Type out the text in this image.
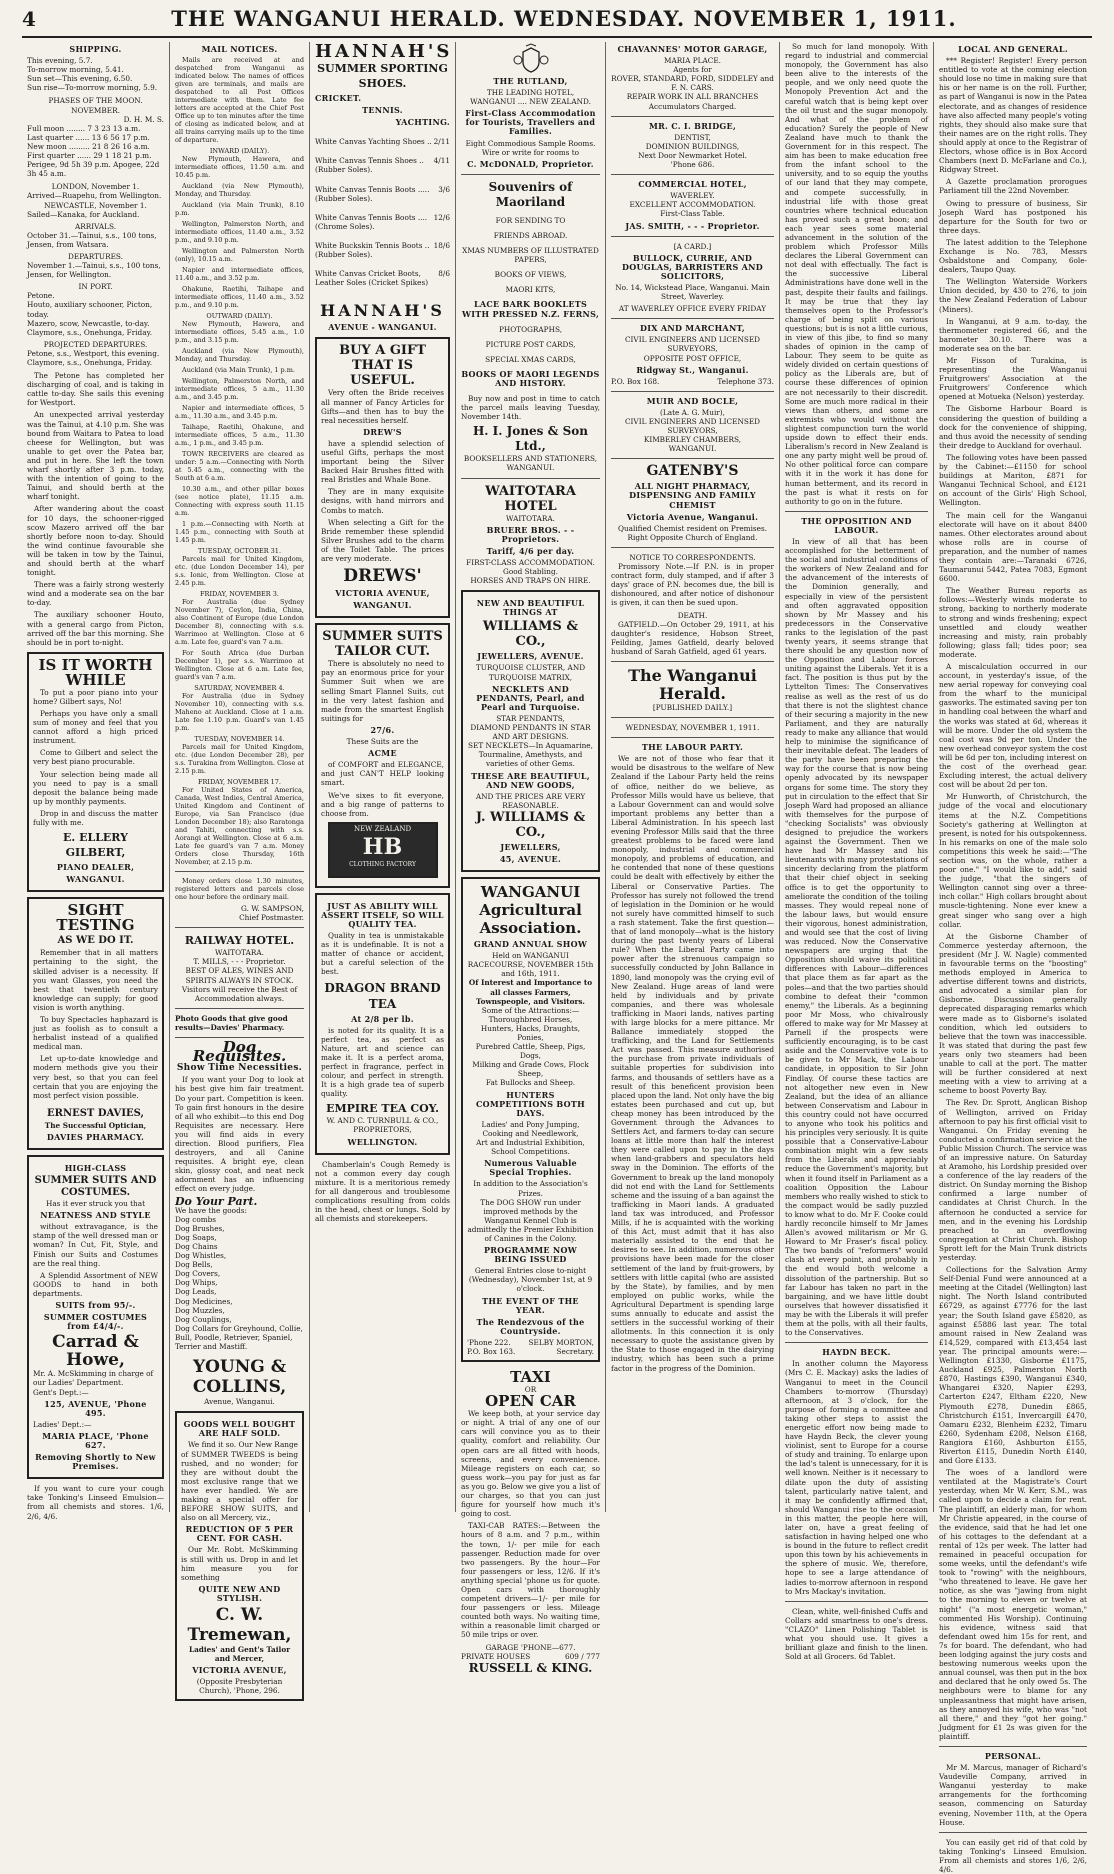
4	THE WANGANUI HERALD. WEDNESDAY. NOVEMBER 1, 1911.
SHIPPING.
This evening, 5.7.
To-morrow morning, 5.41.
Sun set—This evening, 6.50.
Sun rise—To-morrow morning, 5.9.
PHASES OF THE MOON.
NOVEMBER.
D. H. M. S.
Full moon ........ 7 3 23 13 a.m.
Last quarter ...... 13 6 56 17 p.m.
New moon ......... 21 8 26 16 a.m.
First quarter ...... 29 1 18 21 p.m.
Perigee, 9d 5h 39 p.m. Apogee, 22d 3h 45 a.m.
LONDON, November 1.
Arrived—Ruapehu, from Wellington.
NEWCASTLE, November 1.
Sailed—Kanaka, for Auckland.
ARRIVALS.
October 31.—Tainui, s.s., 100 tons, Jensen, from Watsara.
DEPARTURES.
November 1.—Tainui, s.s., 100 tons, Jensen, for Wellington.
IN PORT.
Petone.
Houto, auxiliary schooner, Picton, today.
Mazero, scow, Newcastle, to-day.
Claymore, s.s., Onehunga, Friday.
PROJECTED DEPARTURES.
Petone, s.s., Westport, this evening.
Claymore, s.s., Onehunga, Friday.

The Petone has completed her discharging of coal, and is taking in cattle to-day. She sails this evening for Westport.

An unexpected arrival yesterday was the Tainui, at 4.10 p.m. She was bound from Waitara to Patea to load cheese for Wellington, but was unable to get over the Patea bar, and put in here. She left the town wharf shortly after 3 p.m. today, with the intention of going to the Tainui, and should berth at the wharf tonight.

After wandering about the coast for 10 days, the schooner-rigged scow Mazero arrived off the bar shortly before noon to-day. Should the wind continue favourable she will be taken in tow by the Tainui, and should berth at the wharf tonight.

There was a fairly strong westerly wind and a moderate sea on the bar to-day.

The auxiliary schooner Houto, with a general cargo from Picton, arrived off the bar this morning. She should be in port to-night.

IS IT WORTH WHILE

To put a poor piano into your home? Gilbert says, No!

Perhaps you have only a small sum of money and feel that you cannot afford a high priced instrument.

Come to Gilbert and select the very best piano procurable.

Your selection being made all you need to pay is a small deposit the balance being made up by monthly payments.

Drop in and discuss the matter fully with me.

E. ELLERY GILBERT,
PIANO DEALER,
WANGANUI.
SIGHT TESTING
AS WE DO IT.

Remember that in all matters pertaining to the sight, the skilled adviser is a necessity. If you want Glasses, you need the best that twentieth century knowledge can supply; for good vision is worth anything.

To buy Spectacles haphazard is just as foolish as to consult a herbalist instead of a qualified medical man.

Let up-to-date knowledge and modern methods give you their very best, so that you can feel certain that you are enjoying the most perfect vision possible.

ERNEST DAVIES,
The Successful Optician,
DAVIES PHARMACY.
HIGH-CLASS
SUMMER SUITS AND COSTUMES.
Has it ever struck you that
NEATNESS AND STYLE

without extravagance, is the stamp of the well dressed man or woman? In Cut, Fit, Style, and Finish our Suits and Costumes are the real thing.

A Splendid Assortment of NEW GOODS to hand in both departments.

SUITS from 95/-.
SUMMER COSTUMES from £4/4/-.
Carrad & Howe,
Mr. A. McSkimming in charge of our Ladies' Department.
Gent's Dept.:—
125, AVENUE, 'Phone 495.
Ladies' Dept.:—
MARIA PLACE, 'Phone 627.
Removing Shortly to New Premises.

If you want to cure your cough take Tonking's Linseed Emulsion—from all chemists and stores. 1/6, 2/6, 4/6.

MAIL NOTICES.

Mails are received at and despatched from Wanganui as indicated below. The names of offices given are terminals, and mails are despatched to all Post Offices intermediate with them. Late fee letters are accepted at the Chief Post Office up to ten minutes after the time of closing as indicated below, and at all trains carrying mails up to the time of departure.

INWARD (DAILY).

New Plymouth, Hawera, and intermediate offices, 11.50 a.m. and 10.45 p.m.

Auckland (via New Plymouth), Monday, and Thursday.

Auckland (via Main Trunk), 8.10 p.m.

Wellington, Palmerston North, and intermediate offices, 11.40 a.m., 3.52 p.m., and 9.10 p.m.

Wellington and Palmerston North (only), 10.15 a.m.

Napier and intermediate offices, 11.40 a.m., and 3.52 p.m.

Ohakune, Raetihi, Taihape and intermediate offices, 11.40 a.m., 3.52 p.m., and 9.10 p.m.

OUTWARD (DAILY).

New Plymouth, Hawera, and intermediate offices, 5.45 a.m., 1.0 p.m., and 3.15 p.m.

Auckland (via New Plymouth), Monday, and Thursday.

Auckland (via Main Trunk), 1 p.m.

Wellington, Palmerston North, and intermediate offices, 5 a.m., 11.30 a.m., and 3.45 p.m.

Napier and intermediate offices, 5 a.m., 11.30 a.m., and 3.45 p.m.

Taihape, Raetihi, Ohakune, and intermediate offices, 5 a.m., 11.30 a.m., 1 p.m., and 3.45 p.m.

TOWN RECEIVERS are cleared as under: 5 a.m.—Connecting with North at 5.45 a.m., connecting with the South at 6 a.m.

10.30 a.m., and other pillar boxes (see notice plate), 11.15 a.m. Connecting with express south 11.15 a.m.

1 p.m.—Connecting with North at 1.45 p.m., connecting with South at 1.45 p.m.

TUESDAY, OCTOBER 31.

Parcels mail for United Kingdom, etc. (due London December 14), per s.s. Ionic, from Wellington. Close at 2.45 p.m.

FRIDAY, NOVEMBER 3.

For Australia (due Sydney November 7), Ceylon, India, China, also Continent of Europe (due London December 8), connecting with s.s. Warrimoo at Wellington. Close at 6 a.m. Late fee, guard's van 7 a.m.

For South Africa (due Durban December 1), per s.s. Warrimoo at Wellington. Close at 6 a.m. Late fee, guard's van 7 a.m.

SATURDAY, NOVEMBER 4.

For Australia (due in Sydney November 10), connecting with s.s. Maheno at Auckland. Close at 1 a.m. Late fee 1.10 p.m. Guard's van 1.45 p.m.

TUESDAY, NOVEMBER 14.

Parcels mail for United Kingdom, etc. (due London December 28), per s.s. Turakina from Wellington. Close at 2.15 p.m.

FRIDAY, NOVEMBER 17.

For United States of America, Canada, West Indies, Central America, United Kingdom and Continent of Europe, via San Francisco (due London December 18); also Raratonga and Tahiti, connecting with s.s. Aorangi at Wellington. Close at 6 a.m. Late fee guard's van 7 a.m. Money Orders close Thursday, 16th November, at 2.15 p.m.

Money orders close 1.30 minutes, registered letters and parcels close one hour before the ordinary mail.

G. W. SAMPSON,
Chief Postmaster.
RAILWAY HOTEL.
WAITOTARA.
T. MILLS, - - - Proprietor.
BEST OF ALES, WINES AND SPIRITS ALWAYS IN STOCK.
Visitors will receive the Best of Accommodation always.
Photo Goods that give good results—Davies' Pharmacy.
Dog Requisites.
Show Time Necessities.

If you want your Dog to look at his best give him fair treatment. Do your part. Competition is keen. To gain first honours in the desire of all who exhibit—to this end Dog Requisites are necessary. Here you will find aids in every direction. Blood purifiers, Flea destroyers, and all Canine requisites. A bright eye, clean skin, glossy coat, and neat neck adornment has an influencing effect on every judge.

Do Your Part.
We have the goods:
Dog combs
Dog Brushes,
Dog Soaps,
Dog Chains
Dog Whistles,
Dog Bells,
Dog Covers,
Dog Whips,
Dog Leads,
Dog Medicines,
Dog Muzzles,
Dog Couplings,
Dog Collars for Greyhound, Collie, Bull, Poodle, Retriever, Spaniel, Terrier and Mastiff.
YOUNG & COLLINS,
Avenue, Wanganui.
GOODS WELL BOUGHT ARE HALF SOLD.

We find it so. Our New Range of SUMMER TWEEDS is being rushed, and no wonder; for they are without doubt the most exclusive range that we have ever handled. We are making a special offer for BEFORE SHOW SUITS, and also on all Mercery, viz.,

REDUCTION OF 5 PER CENT. FOR CASH.

Our Mr. Robt. McSkimming is still with us. Drop in and let him measure you for something

QUITE NEW AND STYLISH.
C. W. Tremewan,
Ladies' and Gent's Tailor and Mercer,
VICTORIA AVENUE,
(Opposite Presbyterian Church), 'Phone, 296.
HANNAH'S
SUMMER SPORTING SHOES.
CRICKET.
TENNIS.
YACHTING.
White Canvas Yachting Shoes .. 2/11
White Canvas Tennis Shoes .. (Rubber Soles).
4/11
White Canvas Tennis Boots ..... (Rubber Soles).
3/6
White Canvas Tennis Boots .... (Chrome Soles).
12/6
White Buckskin Tennis Boots .. (Rubber Soles).
18/6
White Canvas Cricket Boots, Leather Soles (Cricket Spikes)
8/6
HANNAH'S
AVENUE - WANGANUI.
BUY A GIFT THAT IS USEFUL.

Very often the Bride receives all manner of Fancy Articles for Gifts—and then has to buy the real necessities herself.

DREW'S

have a splendid selection of useful Gifts, perhaps the most important being the Silver Backed Hair Brushes fitted with real Bristles and Whale Bone.

They are in many exquisite designs, with hand mirrors and Combs to match.

When selecting a Gift for the Bride remember these splendid Silver Brushes add to the charm of the Toilet Table. The prices are very moderate.

DREWS'
VICTORIA AVENUE,
WANGANUI.
SUMMER SUITS TAILOR CUT.

There is absolutely no need to pay an enormous price for your Summer Suit when we are selling Smart Flannel Suits, cut in the very latest fashion and made from the smartest English suitings for

27/6.
These Suits are the
ACME

of COMFORT and ELEGANCE, and just CAN'T HELP looking smart.

We've sixes to fit everyone, and a big range of patterns to choose from.

NEW ZEALAND
HB
CLOTHING FACTORY
JUST AS ABILITY WILL ASSERT ITSELF, SO WILL QUALITY TEA.

Quality in tea is unmistakable as it is undefinable. It is not a matter of chance or accident, but a careful selection of the best.

DRAGON BRAND TEA
At 2/8 per lb.

is noted for its quality. It is a perfect tea, as perfect as Nature, art and science can make it. It is a perfect aroma, perfect in fragrance, perfect in colour, and perfect in strength. It is a high grade tea of superb quality.

EMPIRE TEA COY.
W. AND C. TURNBULL & CO.,
PROPRIETORS,
WELLINGTON.

Chamberlain's Cough Remedy is not a common every day cough mixture. It is a meritorious remedy for all dangerous and troublesome complications resulting from colds in the head, chest or lungs. Sold by all chemists and storekeepers.

THE RUTLAND,
THE LEADING HOTEL,
WANGANUI .... NEW ZEALAND.
First-Class Accommodation for Tourists, Travellers and Families.
Eight Commodious Sample Rooms.
Wire or write for rooms to
C. McDONALD, Proprietor.
Souvenirs of Maoriland
FOR SENDING TO
FRIENDS ABROAD.
XMAS NUMBERS OF ILLUSTRATED PAPERS,
BOOKS OF VIEWS,
MAORI KITS,
LACE BARK BOOKLETS WITH PRESSED N.Z. FERNS,
PHOTOGRAPHS,
PICTURE POST CARDS,
SPECIAL XMAS CARDS,
BOOKS OF MAORI LEGENDS AND HISTORY.

Buy now and post in time to catch the parcel mails leaving Tuesday, November 14th.

H. I. Jones & Son Ltd.,
BOOKSELLERS AND STATIONERS,
WANGANUI.
WAITOTARA HOTEL
WAITOTARA.
BRUERE BROS. - - Proprietors.
Tariff, 4/6 per day.
FIRST-CLASS ACCOMMODATION.
Good Stabling.
HORSES AND TRAPS ON HIRE.
NEW AND BEAUTIFUL THINGS AT
WILLIAMS & CO.,
JEWELLERS, AVENUE.
TURQUOISE CLUSTER, AND TURQUOISE MATRIX,
NECKLETS AND PENDANTS, Pearl, and Pearl and Turquoise.
STAR PENDANTS,
DIAMOND PENDANTS IN STAR AND ART DESIGNS.
SET NECKLETS—In Aquamarine, Tourmaline, Amethysts, and varieties of other Gems.
THESE ARE BEAUTIFUL, AND NEW GOODS,
AND THE PRICES ARE VERY REASONABLE.
J. WILLIAMS & CO.,
JEWELLERS,
45, AVENUE.
WANGANUI Agricultural Association.
GRAND ANNUAL SHOW
Held on WANGANUI RACECOURSE, NOVEMBER 15th and 16th, 1911.
Of Interest and Importance to all classes Farmers, Townspeople, and Visitors.
Some of the Attractions:—
Thoroughbred Horses,
Hunters, Hacks, Draughts, Ponies,
Purebred Cattle, Sheep, Pigs, Dogs,
Milking and Grade Cows, Flock Sheep,
Fat Bullocks and Sheep.
HUNTERS COMPETITIONS BOTH DAYS.
Ladies' and Pony Jumping,
Cooking and Needlework,
Art and Industrial Exhibition,
School Competitions.
Numerous Valuable Special Trophies.
In addition to the Association's Prizes.
The DOG SHOW run under improved methods by the Wanganui Kennel Club is admittedly the Premier Exhibition of Canines in the Colony.
PROGRAMME NOW BEING ISSUED
General Entries close to-night (Wednesday), November 1st, at 9 o'clock.
THE EVENT OF THE YEAR.
The Rendezvous of the Countryside.
'Phone 222. SELBY MORTON,
P.O. Box 163.	Secretary.
TAXI
OR
OPEN CAR

We keep both, at your service day or night. A trial of any one of our cars will convince you as to their quality, comfort and reliability. Our open cars are all fitted with hoods, screens, and every convenience. Mileage registers on each car, so guess work—you pay for just as far as you go. Below we give you a list of our charges, so that you can just figure for yourself how much it's going to cost.

TAXI-CAB RATES:—Between the hours of 8 a.m. and 7 p.m., within the town, 1/- per mile for each passenger. Reduction made for over two passengers. By the hour—For four passengers or less, 12/6. If it's anything special 'phone us for quote. Open cars with thoroughly competent drivers—1/- per mile for four passengers or less. Mileage counted both ways. No waiting time, within a reasonable limit charged or 50 mile trips or over.

GARAGE 'PHONE—677.
PRIVATE HOUSES	609 / 777
RUSSELL & KING.
CHAVANNES' MOTOR GARAGE,
MARIA PLACE.
Agents for
ROVER, STANDARD, FORD, SIDDELEY and F. N. CARS.
REPAIR WORK IN ALL BRANCHES
Accumulators Charged.
MR. C. I. BRIDGE,
DENTIST,
DOMINION BUILDINGS,
Next Door Newmarket Hotel.
'Phone 686.
COMMERCIAL HOTEL,
WAVERLEY.
EXCELLENT ACCOMMODATION.
First-Class Table.
JAS. SMITH, - - - Proprietor.
[A CARD.]
BULLOCK, CURRIE, AND DOUGLAS, BARRISTERS AND SOLICITORS,
No. 14, Wickstead Place, Wanganui. Main Street, Waverley.
AT WAVERLEY OFFICE EVERY FRIDAY
DIX AND MARCHANT,
CIVIL ENGINEERS AND LICENSED SURVEYORS,
OPPOSITE POST OFFICE,
Ridgway St., Wanganui.
P.O. Box 168.	Telephone 373.
MUIR AND BOCLE,
(Late A. G. Muir),
CIVIL ENGINEERS AND LICENSED SURVEYORS,
KIMBERLEY CHAMBERS,
WANGANUI.
GATENBY'S
ALL NIGHT PHARMACY, DISPENSING AND FAMILY CHEMIST
Victoria Avenue, Wanganui.
Qualified Chemist resident on Premises. Right Opposite Church of England.
NOTICE TO CORRESPONDENTS.

Promissory Note.—If P.N. is in proper contract form, duly stamped, and if after 3 days' grace of P.N. becomes due, the bill is dishonoured, and after notice of dishonour is given, it can then be sued upon.

DEATH.

GATFIELD.—On October 29, 1911, at his daughter's residence, Hobson Street, Feilding, James Gatfield, dearly beloved husband of Sarah Gatfield, aged 61 years.

The Wanganui Herald.
[PUBLISHED DAILY.]
WEDNESDAY, NOVEMBER 1, 1911.
THE LABOUR PARTY.

We are not of those who fear that it would be disastrous to the welfare of New Zealand if the Labour Party held the reins of office, neither do we believe, as Professor Mills would have us believe, that a Labour Government can and would solve important problems any better than a Liberal Administration. In his speech last evening Professor Mills said that the three greatest problems to be faced were land monopoly, industrial and commercial monopoly, and problems of education, and he contended that none of these questions could be dealt with effectively by either the Liberal or Conservative Parties. The Professor has surely not followed the trend of legislation in the Dominion or he would not surely have committed himself to such a rash statement. Take the first question—that of land monopoly—what is the history during the past twenty years of Liberal rule? When the Liberal Party came into power after the strenuous campaign so successfully conducted by John Ballance in 1890, land monopoly was the crying evil of New Zealand. Huge areas of land were held by individuals and by private companies, and there was wholesale trafficking in Maori lands, natives parting with large blocks for a mere pittance. Mr Ballance immediately stopped the trafficking, and the Land for Settlements Act was passed. This measure authorised the purchase from private individuals of suitable properties for subdivision into farms, and thousands of settlers have as a result of this beneficent provision been placed upon the land. Not only have the big estates been purchased and cut up, but cheap money has been introduced by the Government through the Advances to Settlers Act, and farmers to-day can secure loans at little more than half the interest they were called upon to pay in the days when land-grabbers and speculators held sway in the Dominion. The efforts of the Government to break up the land monopoly did not end with the Land for Settlements scheme and the issuing of a ban against the trafficking in Maori lands. A graduated land tax was introduced, and Professor Mills, if he is acquainted with the working of this Act, must admit that it has also materially assisted to the end that he desires to see. In addition, numerous other provisions have been made for the closer settlement of the land by fruit-growers, by settlers with little capital (who are assisted by the State), by families, and by men employed on public works, while the Agricultural Department is spending large sums annually to educate and assist the settlers in the successful working of their allotments. In this connection it is only necessary to quote the assistance given by the State to those engaged in the dairying industry, which has been such a prime factor in the progress of the Dominion.

So much for land monopoly. With regard to industrial and commercial monopoly, the Government has also been alive to the interests of the people, and we only need quote the Monopoly Prevention Act and the careful watch that is being kept over the oil trust and the sugar monopoly. And what of the problem of education? Surely the people of New Zealand have much to thank the Government for in this respect. The aim has been to make education free from the infant school to the university, and to so equip the youths of our land that they may compete, and compete successfully, in industrial life with those great countries where technical education has proved such a great boon; and each year sees some material advancement in the solution of the problem which Professor Mills declares the Liberal Government can not deal with effectually. The fact is the successive Liberal Administrations have done well in the past, despite their faults and failings. It may be true that they lay themselves open to the Professor's charge of being split on various questions; but is is not a little curious, in view of this jibe, to find so many shades of opinion in the camp of Labour. They seem to be quite as widely divided on certain questions of policy as the Liberals are, but of course these differences of opinion are not necessarily to their discredit. Some are much more radical in their views than others, and some are extremists who would without the slightest compunction turn the world upside down to effect their ends. Liberalism's record in New Zealand is one any party might well be proud of. No other political force can compare with it in the work it has done for human betterment, and its record in the past is what it rests on for authority to go on in the future.

THE OPPOSITION AND LABOUR.

In view of all that has been accomplished for the betterment of the social and industrial conditions of the workers of New Zealand and for the advancement of the interests of the Dominion generally, and especially in view of the persistent and often aggravated opposition shown by Mr Massey and his predecessors in the Conservative ranks to the legislation of the past twenty years, it seems strange that there should be any question now of the Opposition and Labour forces uniting against the Liberals. Yet it is a fact. The position is thus put by the Lyttelton Times: The Conservatives realise as well as the rest of us do that there is not the slightest chance of their securing a majority in the new Parliament, and they are naturally ready to make any alliance that would help to minimise the significance of their inevitable defeat. The leaders of the party have been preparing the way for the course that is now being openly advocated by its newspaper organs for some time. The story they put in circulation to the effect that Sir Joseph Ward had proposed an alliance with themselves for the purpose of "checking Socialists" was obviously designed to prejudice the workers against the Government. Then we have had Mr Massey and his lieutenants with many protestations of sincerity declaring from the platform that their chief object in seeking office is to get the opportunity to ameliorate the condition of the toiling masses. They would repeal none of the labour laws, but would ensure their vigorous, honest administration, and would see that the cost of living was reduced. Now the Conservative newspapers are urging that the Opposition should waive its political differences with Labour—differences that place them as far apart as the poles—and that the two parties should combine to defeat their "common enemy," the Liberals. As a beginning poor Mr Moss, who chivalrously offered to make way for Mr Massey at Parnell if the prospects were sufficiently encouraging, is to be cast aside and the Conservative vote is to be given to Mr Mack, the Labour candidate, in opposition to Sir John Findlay. Of course these tactics are not altogether new even in New Zealand, but the idea of an alliance between Conservatism and Labour in this country could not have occurred to anyone who took his politics and his principles very seriously. It is quite possible that a Conservative-Labour combination might win a few seats from the Liberals and appreciably reduce the Government's majority, but when it found itself in Parliament as a coalition Opposition the Labour members who really wished to stick to the compact would be sadly puzzled to know what to do. Mr F. Cooke could hardly reconcile himself to Mr James Allen's avowed militarism or Mr G. Howard to Mr Fraser's fiscal policy. The two bands of "reformers" would clash at every point, and probably in the end would both welcome a dissolution of the partnership. But so far Labour has taken no part in the bargaining, and we have little doubt ourselves that however dissatisfied it may be with the Liberals it will prefer them at the polls, with all their faults, to the Conservatives.

HAYDN BECK.

In another column the Mayoress (Mrs C. E. Mackay) asks the ladies of Wanganui to meet in the Council Chambers to-morrow (Thursday) afternoon, at 3 o'clock, for the purpose of forming a committee and taking other steps to assist the energetic effort now being made to have Haydn Beck, the clever young violinist, sent to Europe for a course of study and training. To enlarge upon the lad's talent is unnecessary, for it is well known. Neither is it necessary to dilate upon the duty of assisting talent, particularly native talent, and it may be confidently affirmed that, should Wanganui rise to the occasion in this matter, the people here will, later on, have a great feeling of satisfaction in having helped one who is bound in the future to reflect credit upon this town by his achievements in the sphere of music. We, therefore, hope to see a large attendance of ladies to-morrow afternoon in respond to Mrs Mackay's invitation.

Clean, white, well-finished Cuffs and Collars add smartness to one's dress. "CLAZO" Linen Polishing Tablet is what you should use. It gives a brilliant glaze and finish to the linen. Sold at all Grocers. 6d Tablet.

LOCAL AND GENERAL.

*** Register! Register! Every person entitled to vote at the coming election should lose no time in making sure that his or her name is on the roll. Further, as part of Wanganui is now in the Patea electorate, and as changes of residence have also affected many people's voting rights, they should also make sure that their names are on the right rolls. They should apply at once to the Registrar of Electors, whose office is in Box Accord Chambers (next D. McFarlane and Co.), Ridgway Street.

A Gazette proclamation prorogues Parliament till the 22nd November.

Owing to pressure of business, Sir Joseph Ward has postponed his departure for the South for two or three days.

The latest addition to the Telephone Exchange is No. 783, Messrs Osbaldstone and Company, 6ole-dealers, Taupo Quay.

The Wellington Waterside Workers Union decided, by 430 to 276, to join the New Zealand Federation of Labour (Miners).

In Wanganui, at 9 a.m. to-day, the thermometer registered 66, and the barometer 30.10. There was a moderate sea on the bar.

Mr Fisson of Turakina, is representing the Wanganui Fruitgrowers' Association at the Fruitgrowers' Conference which opened at Motueka (Nelson) yesterday.

The Gisborne Harbour Board is considering the question of building a dock for the convenience of shipping, and thus avoid the necessity of sending their dredge to Auckland for overhaul.

The following votes have been passed by the Cabinet:—£1150 for school buildings at Mariton, £871 for Wanganui Technical School, and £121 on account of the Girls' High School, Wellington.

The main cell for the Wanganui electorate will have on it about 8400 names. Other electorates around about whose rolls are in course of preparation, and the number of names they contain are:—Taranaki 6726, Taumarunui 5442, Patea 7083, Egmont 6600.

The Weather Bureau reports as follows:—Westerly winds moderate to strong, backing to northerly moderate to strong and winds freshening; expect unsettled and cloudy weather increasing and misty, rain probably following; glass fall; tides poor; sea moderate.

A miscalculation occurred in our account, in yesterday's issue, of the new aerial ropeway for conveying coal from the wharf to the municipal gasworks. The estimated saving per ton in handling coal between the wharf and the works was stated at 6d, whereas it will be more. Under the old system the coal cost was 9d per ton. Under the new overhead conveyor system the cost will be 6d per ton, including interest on the cost of the overhead gear. Excluding interest, the actual delivery cost will be about 2d per ton.

Mr Hunworth, of Christchurch, the judge of the vocal and elocutionary items at the N.Z. Competitions Society's gathering at Wellington at present, is noted for his outspokenness. In his remarks on one of the male solo competitions this week he said:—"The section was, on the whole, rather a poor one." "I would like to add," said the judge, "that the singers of Wellington cannot sing over a three-inch collar." High collars brought about muscle-tightening. None ever knew a great singer who sang over a high collar.

At the Gisborne Chamber of Commerce yesterday afternoon, the president (Mr J. W. Nagle) commented in favourable terms on the "boosting" methods employed in America to advertise different towns and districts, and advocated a similar plan for Gisborne. Discussion generally deprecated disparaging remarks which were made as to Gisborne's isolated condition, which led outsiders to believe that the town was inaccessible. It was stated that during the past few years only two steamers had been unable to call at the port. The matter will be further considered at next meeting with a view to arriving at a scheme to boost Poverty Bay.

The Rev. Dr. Sprott, Anglican Bishop of Wellington, arrived on Friday afternoon to pay his first official visit to Wanganui. On Friday evening he conducted a confirmation service at the Public Mission Church. The service was of an impressive nature. On Saturday at Aramoho, his Lordship presided over a conference of the lay readers of the district. On Sunday morning the Bishop confirmed a large number of candidates at Christ Church. In the afternoon he conducted a service for men, and in the evening his Lordship preached to an overflowing congregation at Christ Church. Bishop Sprott left for the Main Trunk districts yesterday.

Collections for the Salvation Army Self-Denial Fund were announced at a meeting at the Citadel (Wellington) last night. The North Island contributed £6729, as against £7776 for the last year; the South Island gave £5820, as against £5886 last year. The total amount raised in New Zealand was £14,529, compared with £13,454 last year. The principal amounts were:—Wellington £1330, Gisborne £1175, Auckland £925, Palmerston North £870, Hastings £390, Wanganui £340, Whangarei £320, Napier £293, Carterton £247, Eltham £220, New Plymouth £278, Dunedin £865, Christchurch £151, Invercargill £470, Oamaru £232, Blenheim £232, Timaru £260, Sydenham £208, Nelson £168, Rangiora £160, Ashburton £155, Riverton £115, Dunedin North £140, and Gore £133.

The woes of a landlord were ventilated at the Magistrate's Court yesterday, when Mr W. Kerr, S.M., was called upon to decide a claim for rent. The plaintiff, an elderly man, for whom Mr Christie appeared, in the course of the evidence, said that he had let one of his cottages to the defendant at a rental of 12s per week. The latter had remained in peaceful occupation for some weeks, until the defendant's wife took to "rowing" with the neighbours, "who threatened to leave. He gave her notice, as she was "jawing from night to the morning to eleven or twelve at night" ("a most energetic woman," commented His Worship). Continuing his evidence, witness said that defendant owed him 15s for rent, and 7s for board. The defendant, who had been lodging against the jury costs and bestowing numerous weeks upon the annual counsel, was then put in the box and declared that he only owed 5s. The neighbours were to blame for any unpleasantness that might have arisen, as they annoyed his wife, who was "not all there," and they "got her going." Judgment for £1 2s was given for the plaintiff.

PERSONAL.

Mr M. Marcus, manager of Richard's Vaudeville Company, arrived in Wanganui yesterday to make arrangements for the forthcoming season, commencing on Saturday evening, November 11th, at the Opera House.

You can easily get rid of that cold by taking Tonking's Linseed Emulsion. From all chemists and stores 1/6, 2/6, 4/6.
